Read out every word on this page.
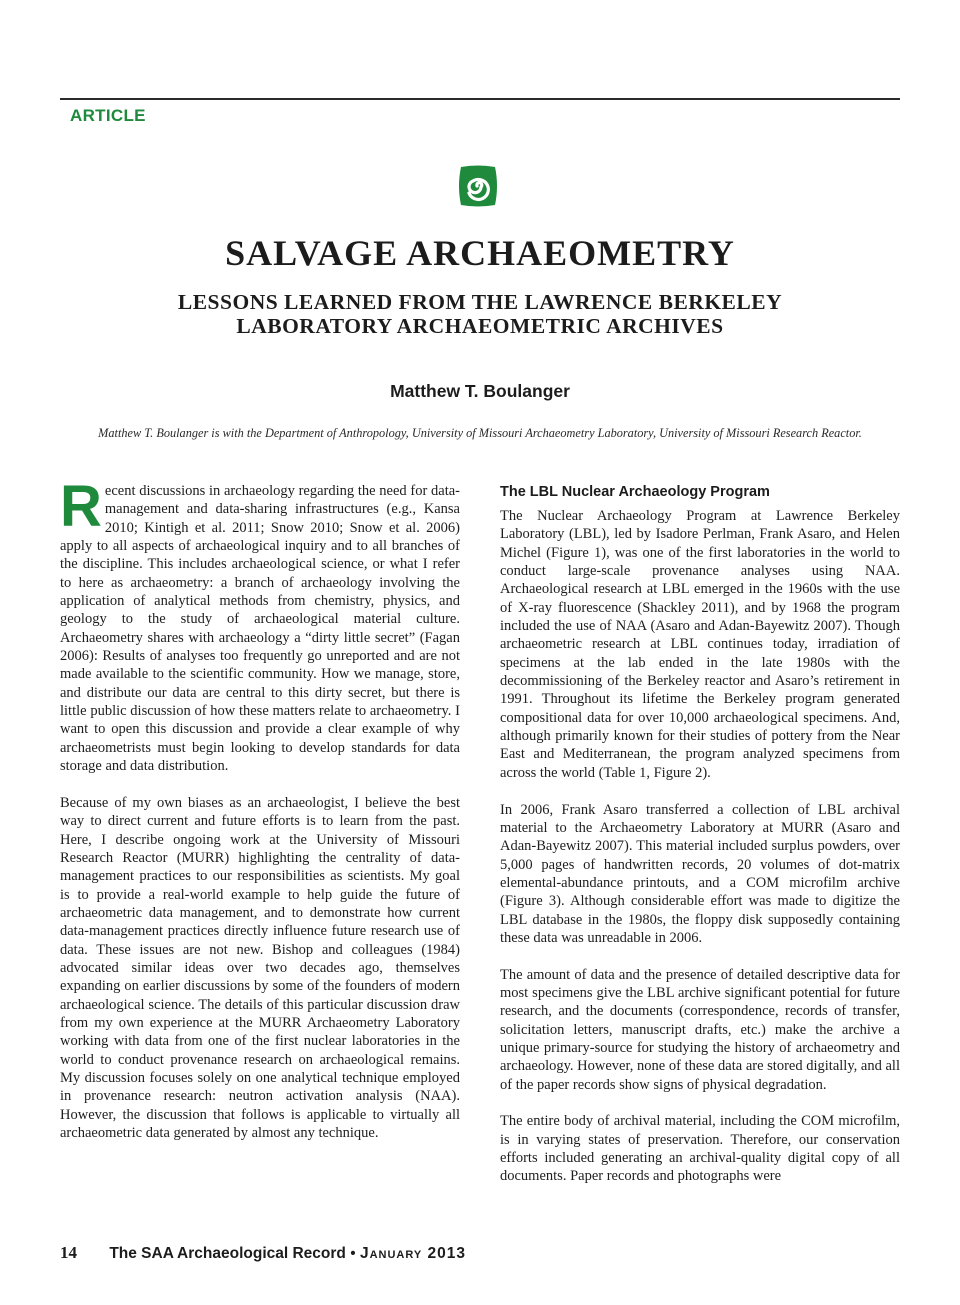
ARTICLE
SALVAGE ARCHAEOMETRY
LESSONS LEARNED FROM THE LAWRENCE BERKELEY
LABORATORY ARCHAEOMETRIC ARCHIVES
Matthew T. Boulanger
Matthew T. Boulanger is with the Department of Anthropology, University of Missouri Archaeometry Laboratory, University of Missouri Research Reactor.

Recent discussions in archaeology regarding the need for data-management and data-sharing infrastructures (e.g., Kansa 2010; Kintigh et al. 2011; Snow 2010; Snow et al. 2006) apply to all aspects of archaeological inquiry and to all branches of the discipline. This includes archaeological science, or what I refer to here as archaeometry: a branch of archaeology involving the application of analytical methods from chemistry, physics, and geology to the study of archaeological material culture. Archaeometry shares with archaeology a “dirty little secret” (Fagan 2006): Results of analyses too frequently go unreported and are not made available to the scientific community. How we manage, store, and distribute our data are central to this dirty secret, but there is little public discussion of how these matters relate to archaeometry. I want to open this discussion and provide a clear example of why archaeometrists must begin looking to develop standards for data storage and data distribution.

Because of my own biases as an archaeologist, I believe the best way to direct current and future efforts is to learn from the past. Here, I describe ongoing work at the University of Missouri Research Reactor (MURR) highlighting the centrality of data-management practices to our responsibilities as scientists. My goal is to provide a real-world example to help guide the future of archaeometric data management, and to demonstrate how current data-management practices directly influence future research use of data. These issues are not new. Bishop and colleagues (1984) advocated similar ideas over two decades ago, themselves expanding on earlier discussions by some of the founders of modern archaeological science. The details of this particular discussion draw from my own experience at the MURR Archaeometry Laboratory working with data from one of the first nuclear laboratories in the world to conduct provenance research on archaeological remains. My discussion focuses solely on one analytical technique employed in provenance research: neutron activation analysis (NAA). However, the discussion that follows is applicable to virtually all archaeometric data generated by almost any technique.

The LBL Nuclear Archaeology Program

The Nuclear Archaeology Program at Lawrence Berkeley Laboratory (LBL), led by Isadore Perlman, Frank Asaro, and Helen Michel (Figure 1), was one of the first laboratories in the world to conduct large-scale provenance analyses using NAA. Archaeological research at LBL emerged in the 1960s with the use of X-ray fluorescence (Shackley 2011), and by 1968 the program included the use of NAA (Asaro and Adan-Bayewitz 2007). Though archaeometric research at LBL continues today, irradiation of specimens at the lab ended in the late 1980s with the decommissioning of the Berkeley reactor and Asaro’s retirement in 1991. Throughout its lifetime the Berkeley program generated compositional data for over 10,000 archaeological specimens. And, although primarily known for their studies of pottery from the Near East and Mediterranean, the program analyzed specimens from across the world (Table 1, Figure 2).

In 2006, Frank Asaro transferred a collection of LBL archival material to the Archaeometry Laboratory at MURR (Asaro and Adan-Bayewitz 2007). This material included surplus powders, over 5,000 pages of handwritten records, 20 volumes of dot-matrix elemental-abundance printouts, and a COM microfilm archive (Figure 3). Although considerable effort was made to digitize the LBL database in the 1980s, the floppy disk supposedly containing these data was unreadable in 2006.

The amount of data and the presence of detailed descriptive data for most specimens give the LBL archive significant potential for future research, and the documents (correspondence, records of transfer, solicitation letters, manuscript drafts, etc.) make the archive a unique primary-source for studying the history of archaeometry and archaeology. However, none of these data are stored digitally, and all of the paper records show signs of physical degradation.

The entire body of archival material, including the COM microfilm, is in varying states of preservation. Therefore, our conservation efforts included generating an archival-quality digital copy of all documents. Paper records and photographs were

14 The SAA Archaeological Record • January 2013
